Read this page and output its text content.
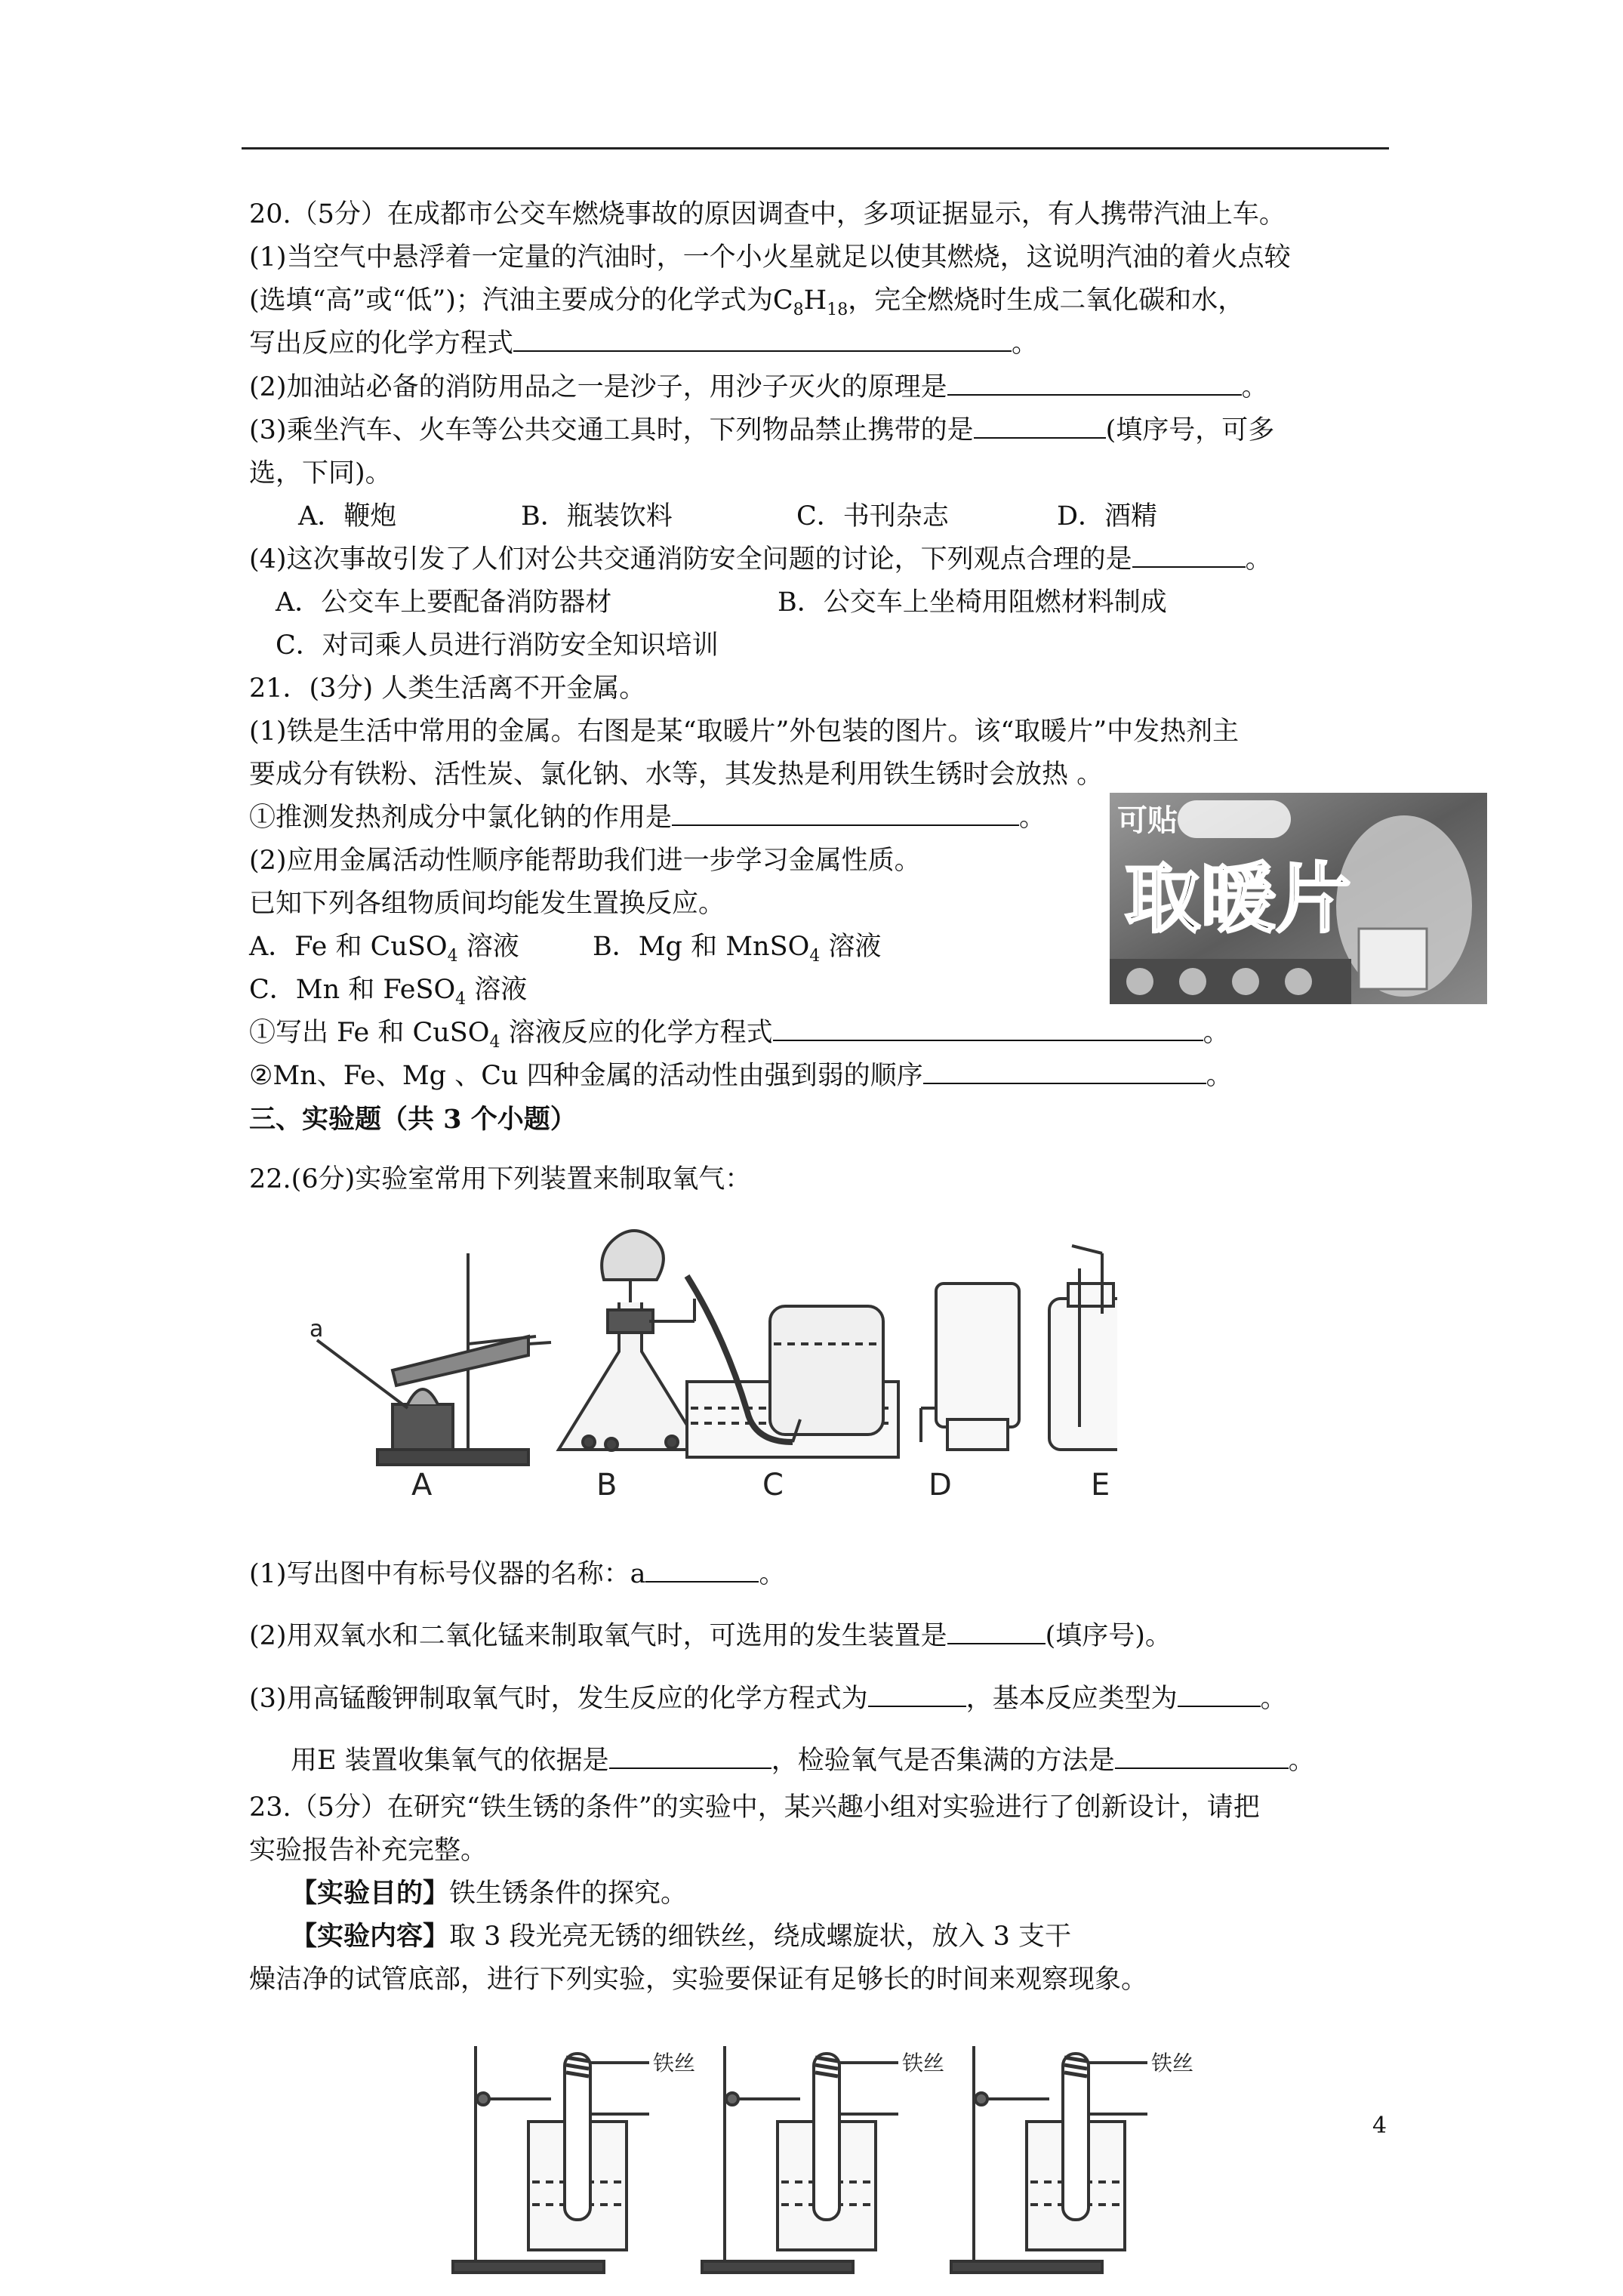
20.（5分）在成都市公交车燃烧事故的原因调查中，多项证据显示，有人携带汽油上车。
(1)当空气中悬浮着一定量的汽油时，一个小火星就足以使其燃烧，这说明汽油的着火点较
(选填“高”或“低”)；汽油主要成分的化学式为$C_8H_{18}$，完全燃烧时生成二氧化碳和水，
写出反应的化学方程式	。
(2)加油站必备的消防用品之一是沙子，用沙子灭火的原理是	。
(3)乘坐汽车、火车等公共交通工具时，下列物品禁止携带的是	(填序号，可多
选，下同)。
A．鞭炮	B．瓶装饮料	C．书刊杂志	D．酒精
(4)这次事故引发了人们对公共交通消防安全问题的讨论，下列观点合理的是	。
A．公交车上要配备消防器材	B．公交车上坐椅用阻燃材料制成
C．对司乘人员进行消防安全知识培训
21．(3分) 人类生活离不开金属。
(1)铁是生活中常用的金属。右图是某“取暖片”外包装的图片。该“取暖片”中发热剂主
要成分有铁粉、活性炭、氯化钠、水等，其发热是利用铁生锈时会放热 。
①推测发热剂成分中氯化钠的作用是	。
(2)应用金属活动性顺序能帮助我们进一步学习金属性质。
已知下列各组物质间均能发生置换反应。
A．Fe 和 CuSO$_4$ 溶液	B．Mg 和 MnSO$_4$ 溶液
C．Mn 和 FeSO$_4$ 溶液
①写出 Fe 和 CuSO$_4$ 溶液反应的化学方程式	。
②Mn、Fe、Mg 、Cu 四种金属的活动性由强到弱的顺序	。
可贴
取暖片
三、实验题（共 3 个小题）
22.(6分)实验室常用下列装置来制取氧气：
a
A	B	C	D	E
(1)写出图中有标号仪器的名称：a	。
(2)用双氧水和二氧化锰来制取氧气时，可选用的发生装置是	(填序号)。
(3)用高锰酸钾制取氧气时，发生反应的化学方程式为	，基本反应类型为	。
用E 装置收集氧气的依据是	，检验氧气是否集满的方法是	。
23.（5分）在研究“铁生锈的条件”的实验中，某兴趣小组对实验进行了创新设计，请把
实验报告补充完整。
【实验目的】铁生锈条件的探究。
【实验内容】取 3 段光亮无锈的细铁丝，绕成螺旋状，放入 3 支干
燥洁净的试管底部，进行下列实验，实验要保证有足够长的时间来观察现象。
铁丝	铁丝	铁丝
4
